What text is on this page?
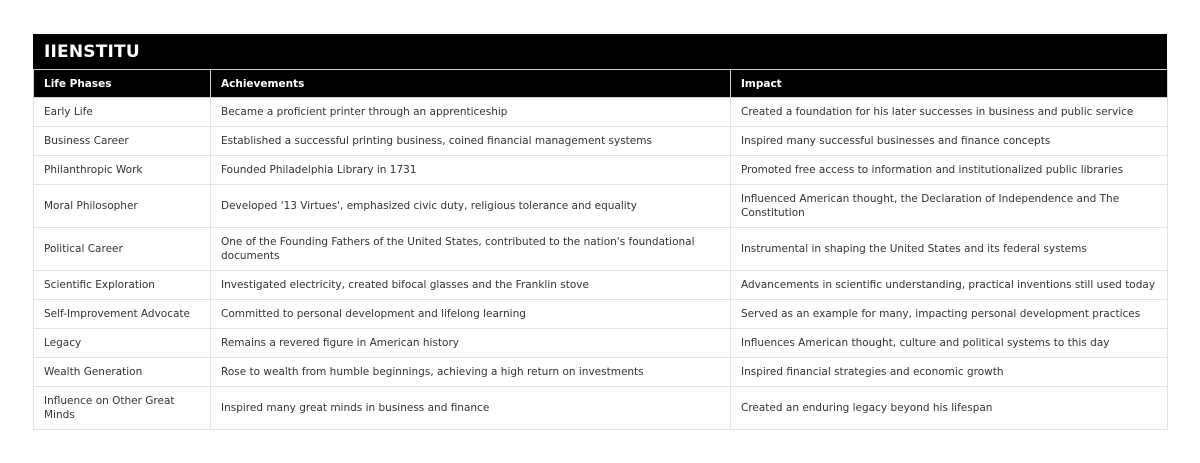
IIENSTITU
Life Phases	Achievements	Impact
Early Life	Became a proficient printer through an apprenticeship	Created a foundation for his later successes in business and public service
Business Career	Established a successful printing business, coined financial management systems	Inspired many successful businesses and finance concepts
Philanthropic Work	Founded Philadelphia Library in 1731	Promoted free access to information and institutionalized public libraries
Moral Philosopher	Developed '13 Virtues', emphasized civic duty, religious tolerance and equality	Influenced American thought, the Declaration of Independence and The Constitution
Political Career	One of the Founding Fathers of the United States, contributed to the nation's foundational documents	Instrumental in shaping the United States and its federal systems
Scientific Exploration	Investigated electricity, created bifocal glasses and the Franklin stove	Advancements in scientific understanding, practical inventions still used today
Self-Improvement Advocate	Committed to personal development and lifelong learning	Served as an example for many, impacting personal development practices
Legacy	Remains a revered figure in American history	Influences American thought, culture and political systems to this day
Wealth Generation	Rose to wealth from humble beginnings, achieving a high return on investments	Inspired financial strategies and economic growth
Influence on Other Great Minds	Inspired many great minds in business and finance	Created an enduring legacy beyond his lifespan
